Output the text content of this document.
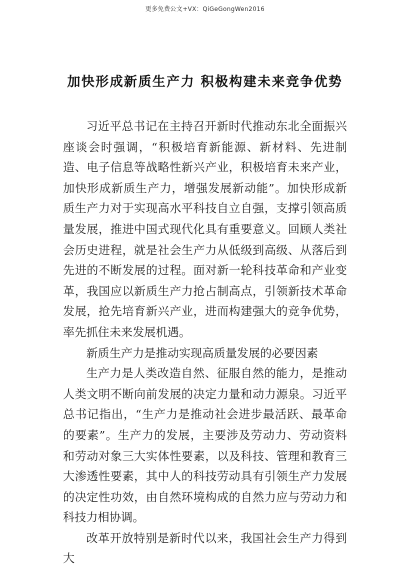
更多免费公文+VX：QiGeGongWen2016
加快形成新质生产力 积极构建未来竞争优势

习近平总书记在主持召开新时代推动东北全面振兴座谈会时强调，“积极培育新能源、新材料、先进制造、电子信息等战略性新兴产业，积极培育未来产业，加快形成新质生产力，增强发展新动能”。加快形成新质生产力对于实现高水平科技自立自强，支撑引领高质量发展，推进中国式现代化具有重要意义。回顾人类社会历史进程，就是社会生产力从低级到高级、从落后到先进的不断发展的过程。面对新一轮科技革命和产业变革，我国应以新质生产力抢占制高点，引领新技术革命发展，抢先培育新兴产业，进而构建强大的竞争优势，率先抓住未来发展机遇。

新质生产力是推动实现高质量发展的必要因素

生产力是人类改造自然、征服自然的能力，是推动人类文明不断向前发展的决定力量和动力源泉。习近平总书记指出，“生产力是推动社会进步最活跃、最革命的要素”。生产力的发展，主要涉及劳动力、劳动资料和劳动对象三大实体性要素，以及科技、管理和教育三大渗透性要素，其中人的科技劳动具有引领生产力发展的决定性功效，由自然环境构成的自然力应与劳动力和科技力相协调。

改革开放特别是新时代以来，我国社会生产力得到大
